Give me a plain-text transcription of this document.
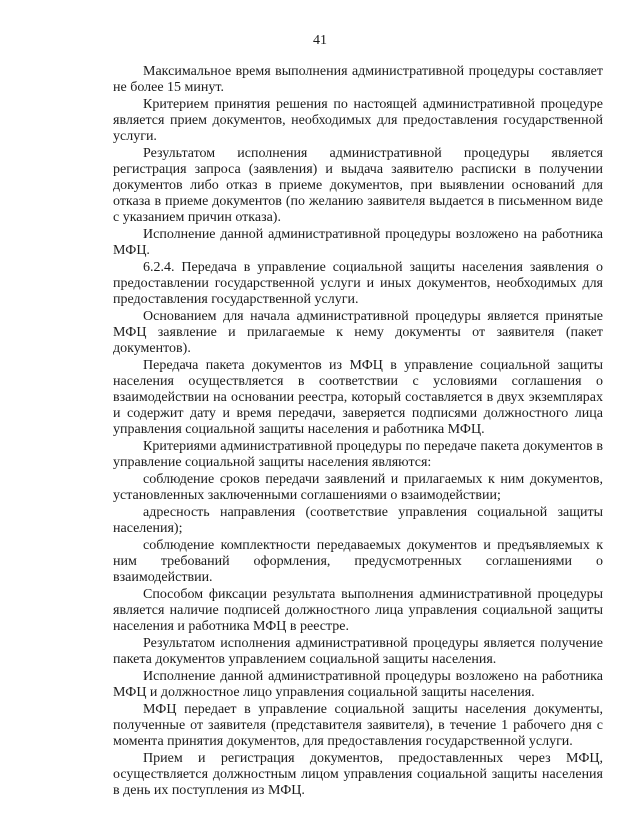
41

Максимальное время выполнения административной процедуры составляет не более 15 минут.

Критерием принятия решения по настоящей административной процедуре является прием документов, необходимых для предоставления государственной услуги.

Результатом исполнения административной процедуры является регистрация запроса (заявления) и выдача заявителю расписки в получении документов либо отказ в приеме документов, при выявлении оснований для отказа в приеме документов (по желанию заявителя выдается в письменном виде с указанием причин отказа).

Исполнение данной административной процедуры возложено на работника МФЦ.

6.2.4. Передача в управление социальной защиты населения заявления о предоставлении государственной услуги и иных документов, необходимых для предоставления государственной услуги.

Основанием для начала административной процедуры является принятые МФЦ заявление и прилагаемые к нему документы от заявителя (пакет документов).

Передача пакета документов из МФЦ в управление социальной защиты населения осуществляется в соответствии с условиями соглашения о взаимодействии на основании реестра, который составляется в двух экземплярах и содержит дату и время передачи, заверяется подписями должностного лица управления социальной защиты населения и работника МФЦ.

Критериями административной процедуры по передаче пакета документов в управление социальной защиты населения являются:

соблюдение сроков передачи заявлений и прилагаемых к ним документов, установленных заключенными соглашениями о взаимодействии;

адресность направления (соответствие управления социальной защиты населения);

соблюдение комплектности передаваемых документов и предъявляемых к ним требований оформления, предусмотренных соглашениями о взаимодействии.

Способом фиксации результата выполнения административной процедуры является наличие подписей должностного лица управления социальной защиты населения и работника МФЦ в реестре.

Результатом исполнения административной процедуры является получение пакета документов управлением социальной защиты населения.

Исполнение данной административной процедуры возложено на работника МФЦ и должностное лицо управления социальной защиты населения.

МФЦ передает в управление социальной защиты населения документы, полученные от заявителя (представителя заявителя), в течение 1 рабочего дня с момента принятия документов, для предоставления государственной услуги.

Прием и регистрация документов, предоставленных через МФЦ, осуществляется должностным лицом управления социальной защиты населения в день их поступления из МФЦ.
